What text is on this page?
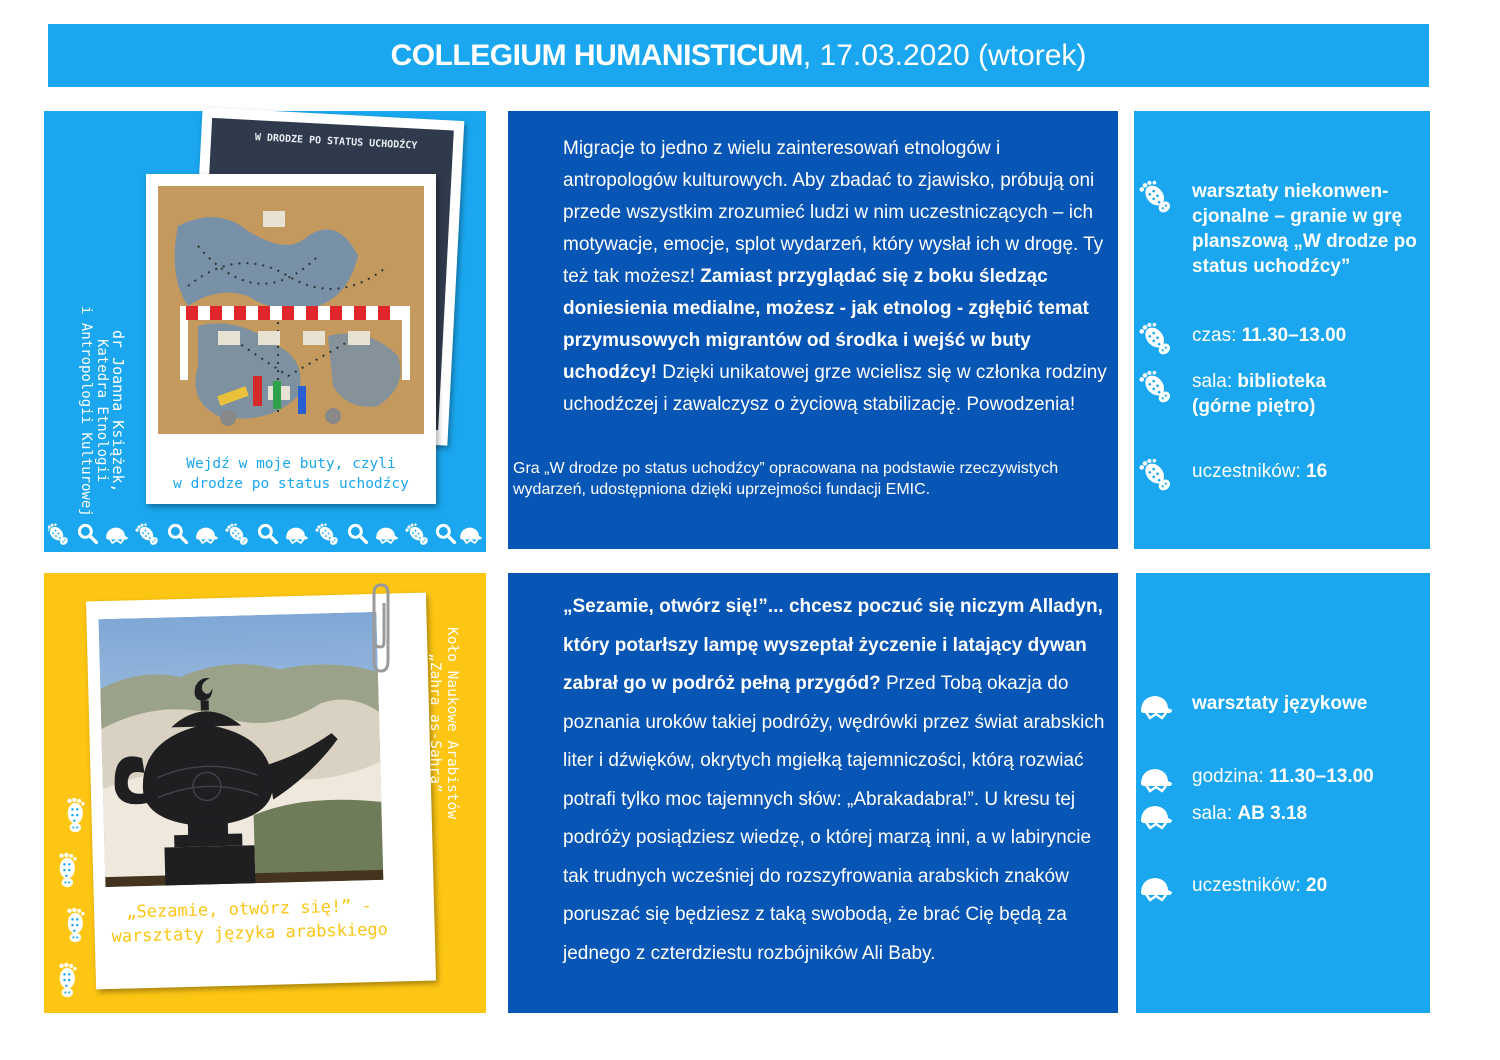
COLLEGIUM HUMANISTICUM , 17.03.2020 (wtorek)
W DRODZE PO STATUS UCHODŹCY
Wejdź w moje buty, czyli
w drodze po status uchodźcy
dr Joanna Książek,
Katedra Etnologii
i Antropologii Kulturowej
Migracje to jedno z wielu zainteresowań etnologów i antropologów kulturowych. Aby zbadać to zjawisko, próbują oni przede wszystkim zrozumieć ludzi w nim uczestniczących – ich motywacje, emocje, splot wydarzeń, który wysłał ich w drogę. Ty też tak możesz! Zamiast przyglądać się z boku śledząc doniesienia medialne, możesz - jak etnolog - zgłębić temat przymusowych migrantów od środka i wejść w buty uchodźcy! Dzięki unikatowej grze wcielisz się w członka rodziny uchodźczej i zawalczysz o życiową stabilizację. Powodzenia!
Gra „W drodze po status uchodźcy” opracowana na podstawie rzeczywistych wydarzeń, udostępniona dzięki uprzejmości fundacji EMIC.
warsztaty niekonwen-cjonalne – granie w grę planszową „W drodze po status uchodźcy”
czas: 11.30–13.00
sala: biblioteka (górne piętro)
uczestników: 16
„Sezamie, otwórz się!” -
warsztaty języka arabskiego
Koło Naukowe Arabistów
„Zahra as-Sahra”
„Sezamie, otwórz się!”... chcesz poczuć się niczym Alladyn, który potarłszy lampę wyszeptał życzenie i latający dywan zabrał go w podróż pełną przygód? Przed Tobą okazja do poznania uroków takiej podróży, wędrówki przez świat arabskich liter i dźwięków, okrytych mgiełką tajemniczości, którą rozwiać potrafi tylko moc tajemnych słów: „Abrakadabra!”. U kresu tej podróży posiądziesz wiedzę, o której marzą inni, a w labiryncie tak trudnych wcześniej do rozszyfrowania arabskich znaków poruszać się będziesz z taką swobodą, że brać Cię będą za jednego z czterdziestu rozbójników Ali Baby.
warsztaty językowe
godzina: 11.30–13.00
sala: AB 3.18
uczestników: 20
